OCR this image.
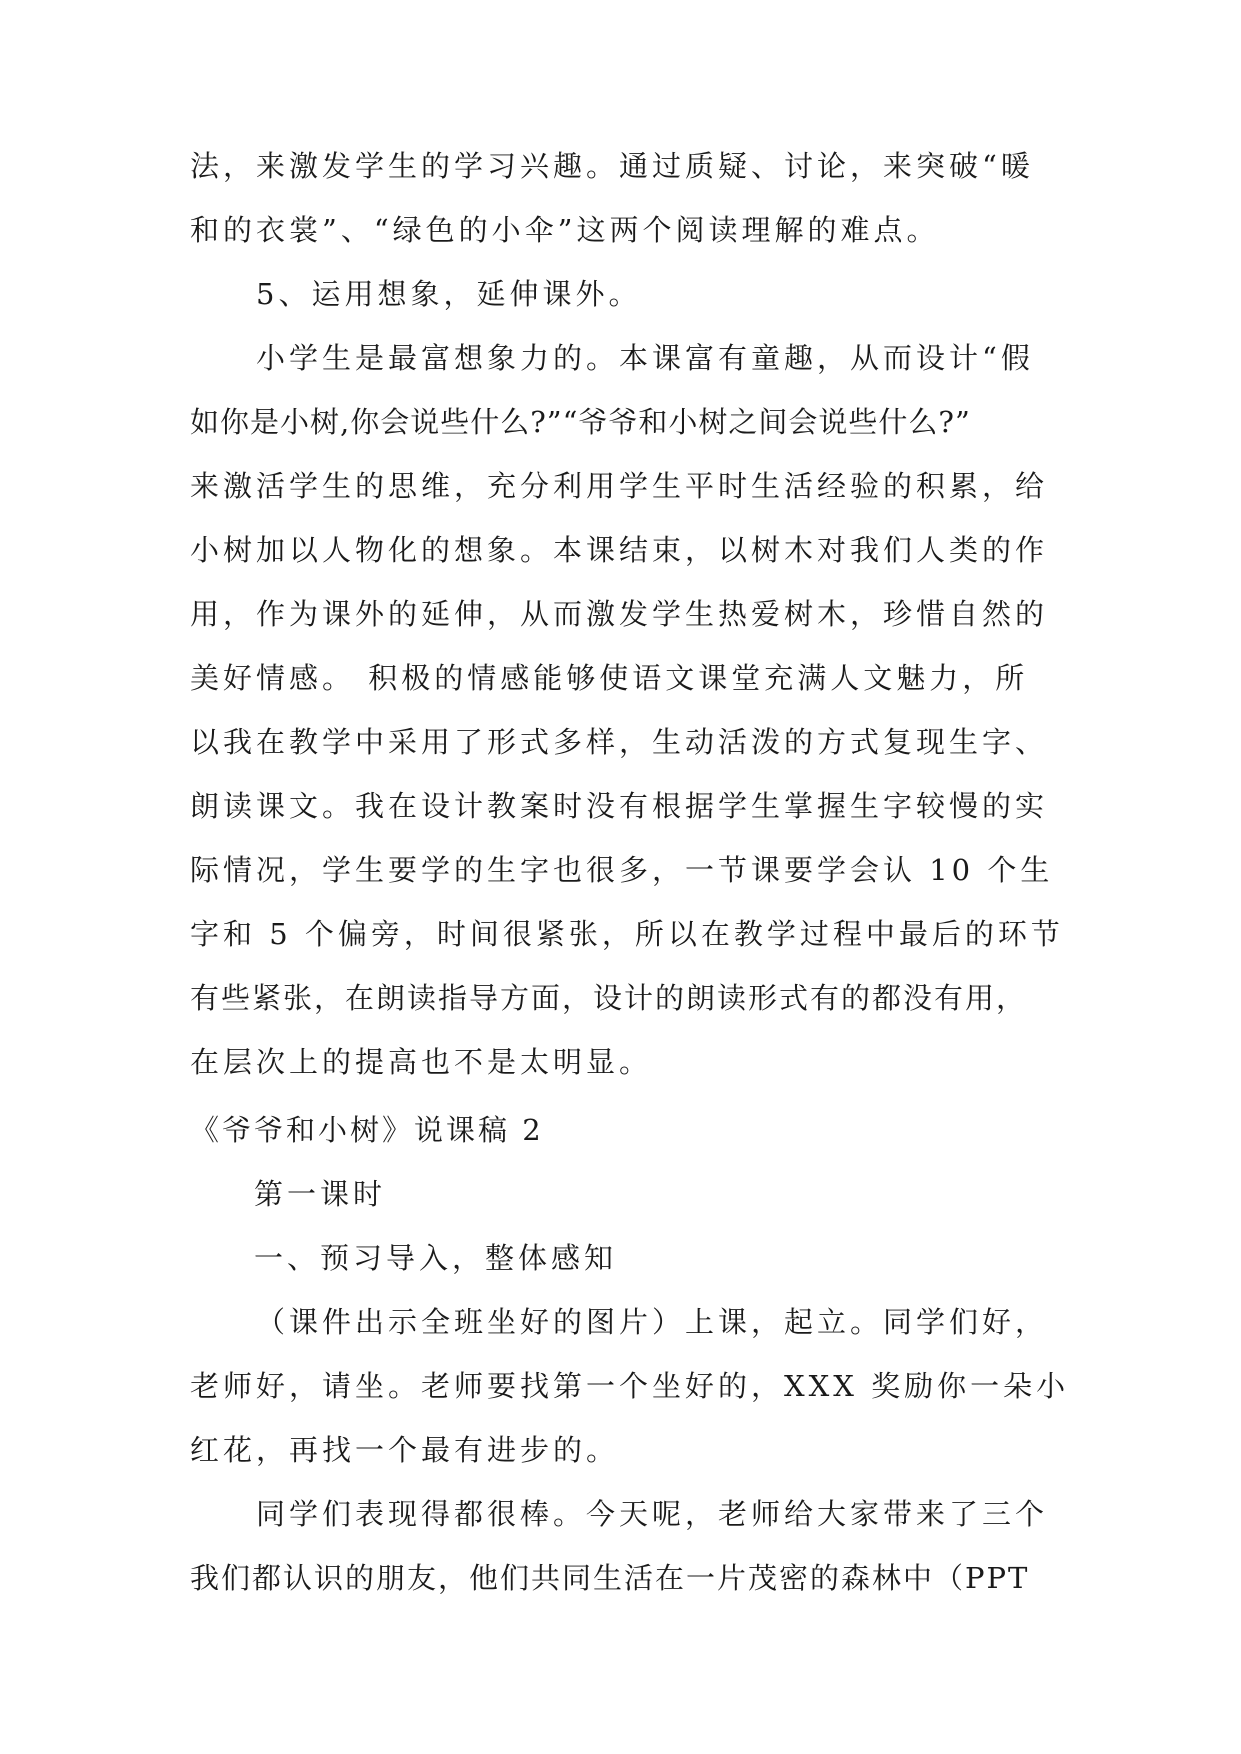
法，来激发学生的学习兴趣。通过质疑、讨论，来突破“暖
和的衣裳”、“绿色的小伞”这两个阅读理解的难点。
5、运用想象，延伸课外。
小学生是最富想象力的。本课富有童趣，从而设计“假
如你是小树,你会说些什么?”“爷爷和小树之间会说些什么?”
来激活学生的思维，充分利用学生平时生活经验的积累，给
小树加以人物化的想象。本课结束，以树木对我们人类的作
用，作为课外的延伸，从而激发学生热爱树木，珍惜自然的
美好情感。 积极的情感能够使语文课堂充满人文魅力，所
以我在教学中采用了形式多样，生动活泼的方式复现生字、
朗读课文。我在设计教案时没有根据学生掌握生字较慢的实
际情况，学生要学的生字也很多，一节课要学会认 10 个生
字和 5 个偏旁，时间很紧张，所以在教学过程中最后的环节
有些紧张，在朗读指导方面，设计的朗读形式有的都没有用，
在层次上的提高也不是太明显。
《爷爷和小树》说课稿 2
第一课时
一、预习导入，整体感知
（课件出示全班坐好的图片）上课，起立。同学们好，
老师好，请坐。老师要找第一个坐好的，XXX 奖励你一朵小
红花，再找一个最有进步的。
同学们表现得都很棒。今天呢，老师给大家带来了三个
我们都认识的朋友，他们共同生活在一片茂密的森林中（PPT
